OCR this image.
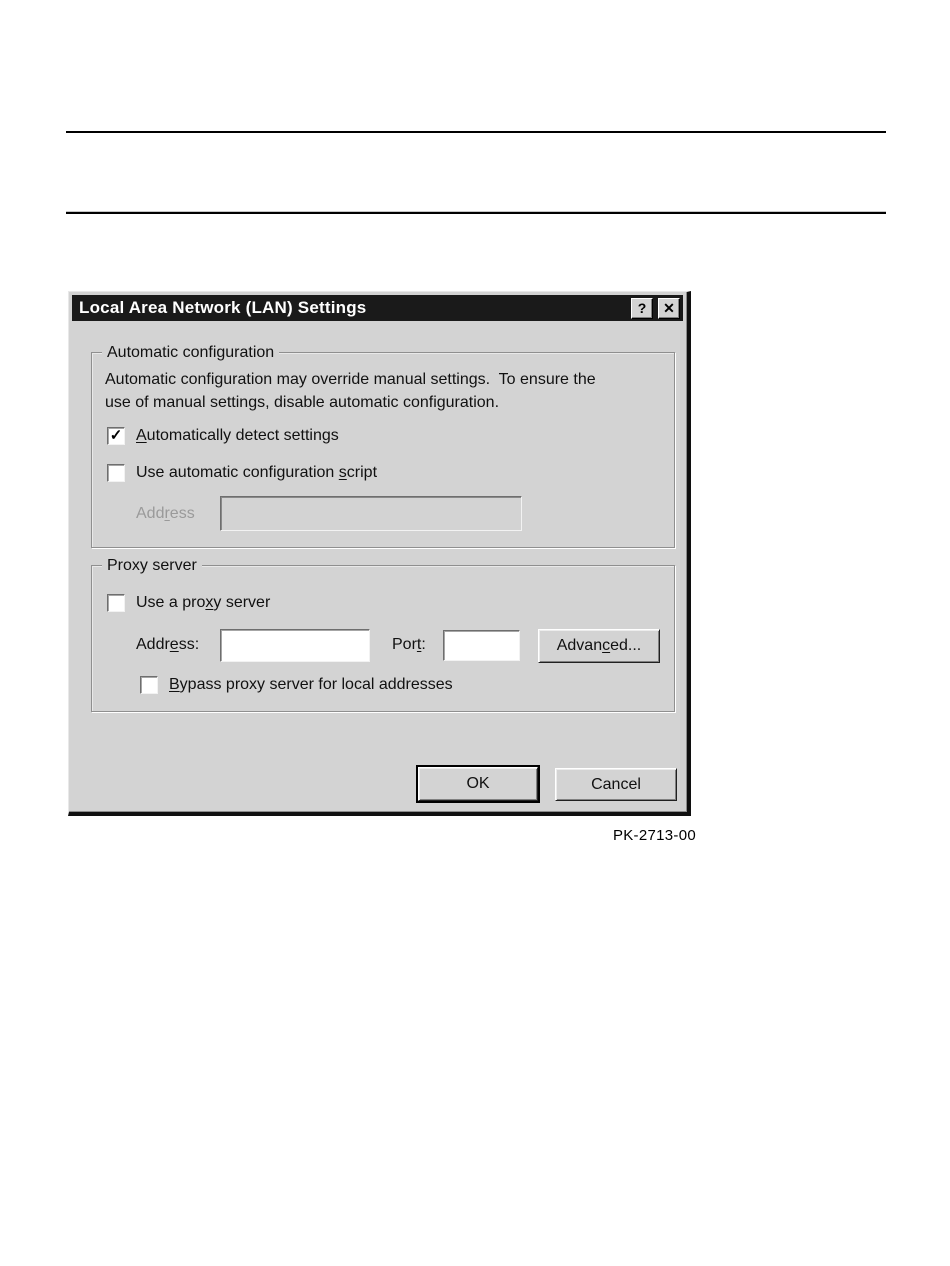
Local Area Network (LAN) Settings	? ✕
Automatic configuration
Automatic configuration may override manual settings.  To ensure the
use of manual settings, disable automatic configuration.
✓ Automatically detect settings
Use automatic configuration script
Address
Proxy server
Use a proxy server
Address:	Port:	Advan c ed...
Bypass proxy server for local addresses
OK	Cancel
PK-2713-00
